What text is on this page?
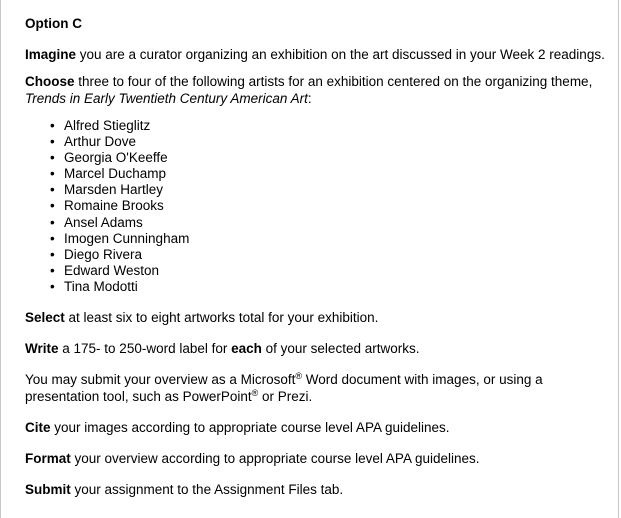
Option C

Imagine you are a curator organizing an exhibition on the art discussed in your Week 2 readings.

Choose three to four of the following artists for an exhibition centered on the organizing theme, Trends in Early Twentieth Century American Art:

• Alfred Stieglitz
• Arthur Dove
• Georgia O'Keeffe
• Marcel Duchamp
• Marsden Hartley
• Romaine Brooks
• Ansel Adams
• Imogen Cunningham
• Diego Rivera
• Edward Weston
• Tina Modotti

Select at least six to eight artworks total for your exhibition.

Write a 175- to 250-word label for each of your selected artworks.

You may submit your overview as a Microsoft® Word document with images, or using a presentation tool, such as PowerPoint® or Prezi.

Cite your images according to appropriate course level APA guidelines.

Format your overview according to appropriate course level APA guidelines.

Submit your assignment to the Assignment Files tab.
